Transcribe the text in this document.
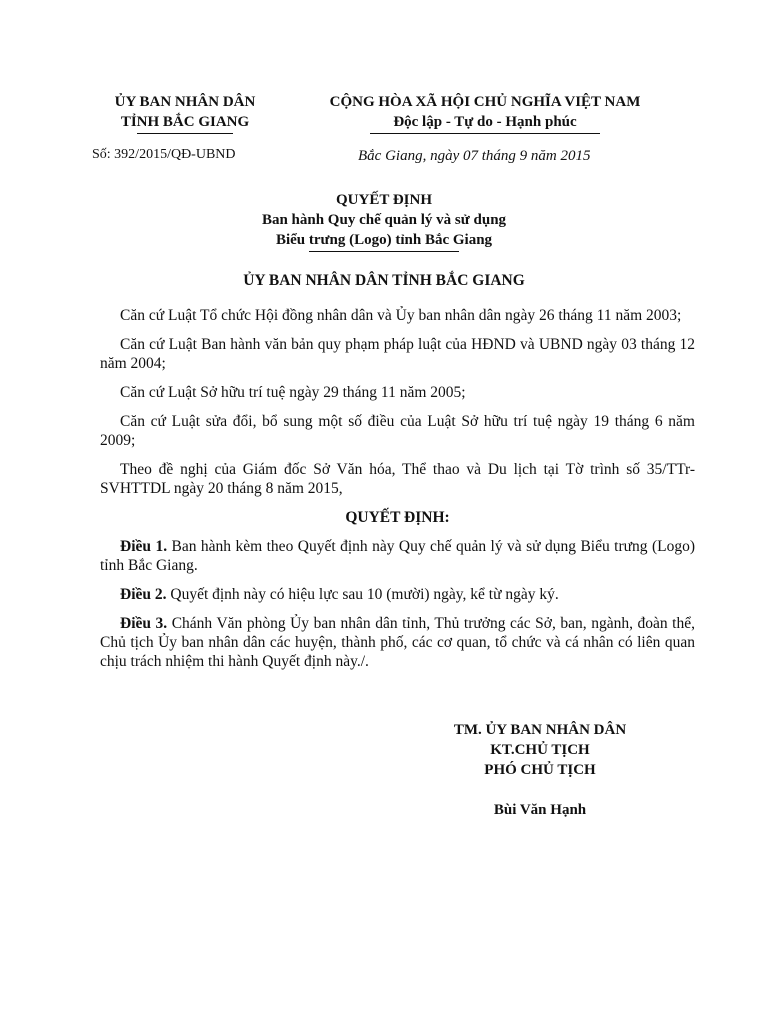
ỦY BAN NHÂN DÂN
TỈNH BẮC GIANG
CỘNG HÒA XÃ HỘI CHỦ NGHĨA VIỆT NAM
Độc lập - Tự do - Hạnh phúc
Số: 392/2015/QĐ-UBND	Bắc Giang, ngày 07 tháng 9 năm 2015
QUYẾT ĐỊNH
Ban hành Quy chế quản lý và sử dụng
Biểu trưng (Logo) tỉnh Bắc Giang
ỦY BAN NHÂN DÂN TỈNH BẮC GIANG

Căn cứ Luật Tổ chức Hội đồng nhân dân và Ủy ban nhân dân ngày 26 tháng 11 năm 2003;

Căn cứ Luật Ban hành văn bản quy phạm pháp luật của HĐND và UBND ngày 03 tháng 12 năm 2004;

Căn cứ Luật Sở hữu trí tuệ ngày 29 tháng 11 năm 2005;

Căn cứ Luật sửa đổi, bổ sung một số điều của Luật Sở hữu trí tuệ ngày 19 tháng 6 năm 2009;

Theo đề nghị của Giám đốc Sở Văn hóa, Thể thao và Du lịch tại Tờ trình số 35/TTr-SVHTTDL ngày 20 tháng 8 năm 2015,

QUYẾT ĐỊNH:

Điều 1. Ban hành kèm theo Quyết định này Quy chế quản lý và sử dụng Biểu trưng (Logo) tỉnh Bắc Giang.

Điều 2. Quyết định này có hiệu lực sau 10 (mười) ngày, kể từ ngày ký.

Điều 3. Chánh Văn phòng Ủy ban nhân dân tỉnh, Thủ trưởng các Sở, ban, ngành, đoàn thể, Chủ tịch Ủy ban nhân dân các huyện, thành phố, các cơ quan, tổ chức và cá nhân có liên quan chịu trách nhiệm thi hành Quyết định này./.

TM. ỦY BAN NHÂN DÂN
KT.CHỦ TỊCH
PHÓ CHỦ TỊCH
Bùi Văn Hạnh
